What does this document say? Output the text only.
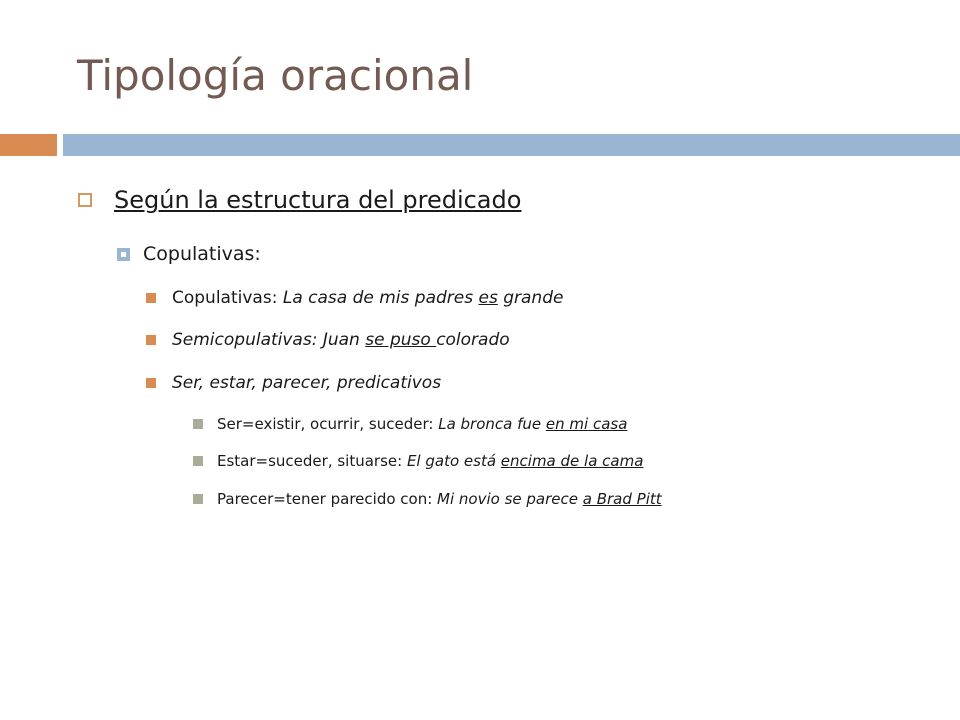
Tipología oracional
Según la estructura del predicado
Copulativas:
Copulativas: La casa de mis padres es grande
Semicopulativas: Juan se puso colorado
Ser, estar, parecer, predicativos
Ser=existir, ocurrir, suceder: La bronca fue en mi casa
Estar=suceder, situarse: El gato está encima de la cama
Parecer=tener parecido con: Mi novio se parece a Brad Pitt
